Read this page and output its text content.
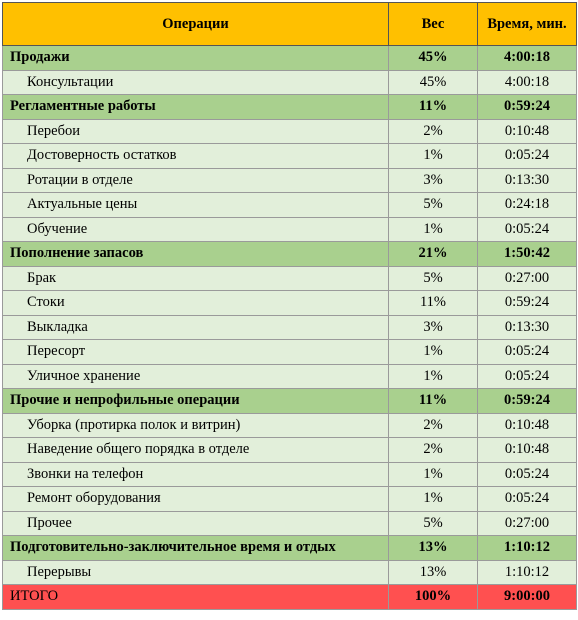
Операции	Вес	Время, мин.
Продажи	45%	4:00:18
Консультации	45%	4:00:18
Регламентные работы	11%	0:59:24
Перебои	2%	0:10:48
Достоверность остатков	1%	0:05:24
Ротации в отделе	3%	0:13:30
Актуальные цены	5%	0:24:18
Обучение	1%	0:05:24
Пополнение запасов	21%	1:50:42
Брак	5%	0:27:00
Стоки	11%	0:59:24
Выкладка	3%	0:13:30
Пересорт	1%	0:05:24
Уличное хранение	1%	0:05:24
Прочие и непрофильные операции	11%	0:59:24
Уборка (протирка полок и витрин)	2%	0:10:48
Наведение общего порядка в отделе	2%	0:10:48
Звонки на телефон	1%	0:05:24
Ремонт оборудования	1%	0:05:24
Прочее	5%	0:27:00
Подготовительно-заключительное время и отдых	13%	1:10:12
Перерывы	13%	1:10:12
ИТОГО	100%	9:00:00
